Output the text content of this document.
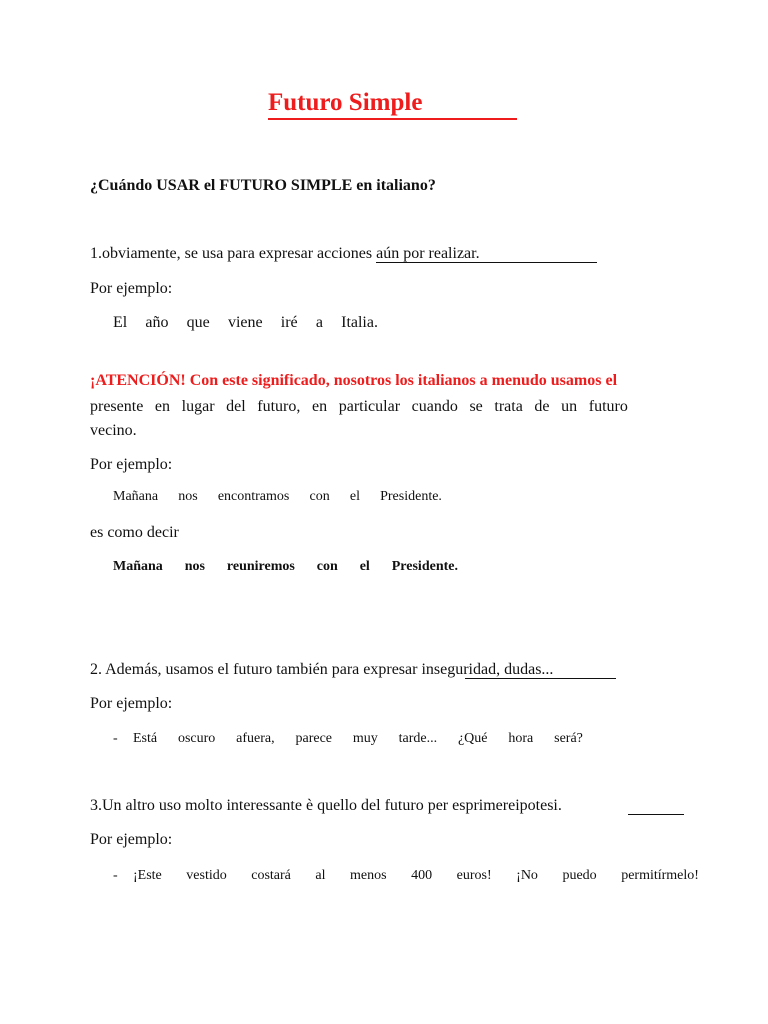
Futuro Simple
¿Cuándo USAR el FUTURO SIMPLE en italiano?
1.obviamente, se usa para expresar acciones aún por realizar.
Por ejemplo:
El año que viene iré a Italia.
¡ATENCIÓN! Con este significado, nosotros los italianos a menudo usamos el
presente en lugar del futuro, en particular cuando se trata de un futuro
vecino.
Por ejemplo:
Mañana nos encontramos con el Presidente.
es como decir
Mañana nos reuniremos con el Presidente.
2. Además, usamos el futuro también para expresar inseguridad, dudas...
Por ejemplo:
- Está oscuro afuera, parece muy tarde... ¿Qué hora será?
3.Un altro uso molto interessante è quello del futuro per esprimereipotesi.
Por ejemplo:
- ¡Este vestido costará al menos 400 euros! ¡No puedo permitírmelo!
